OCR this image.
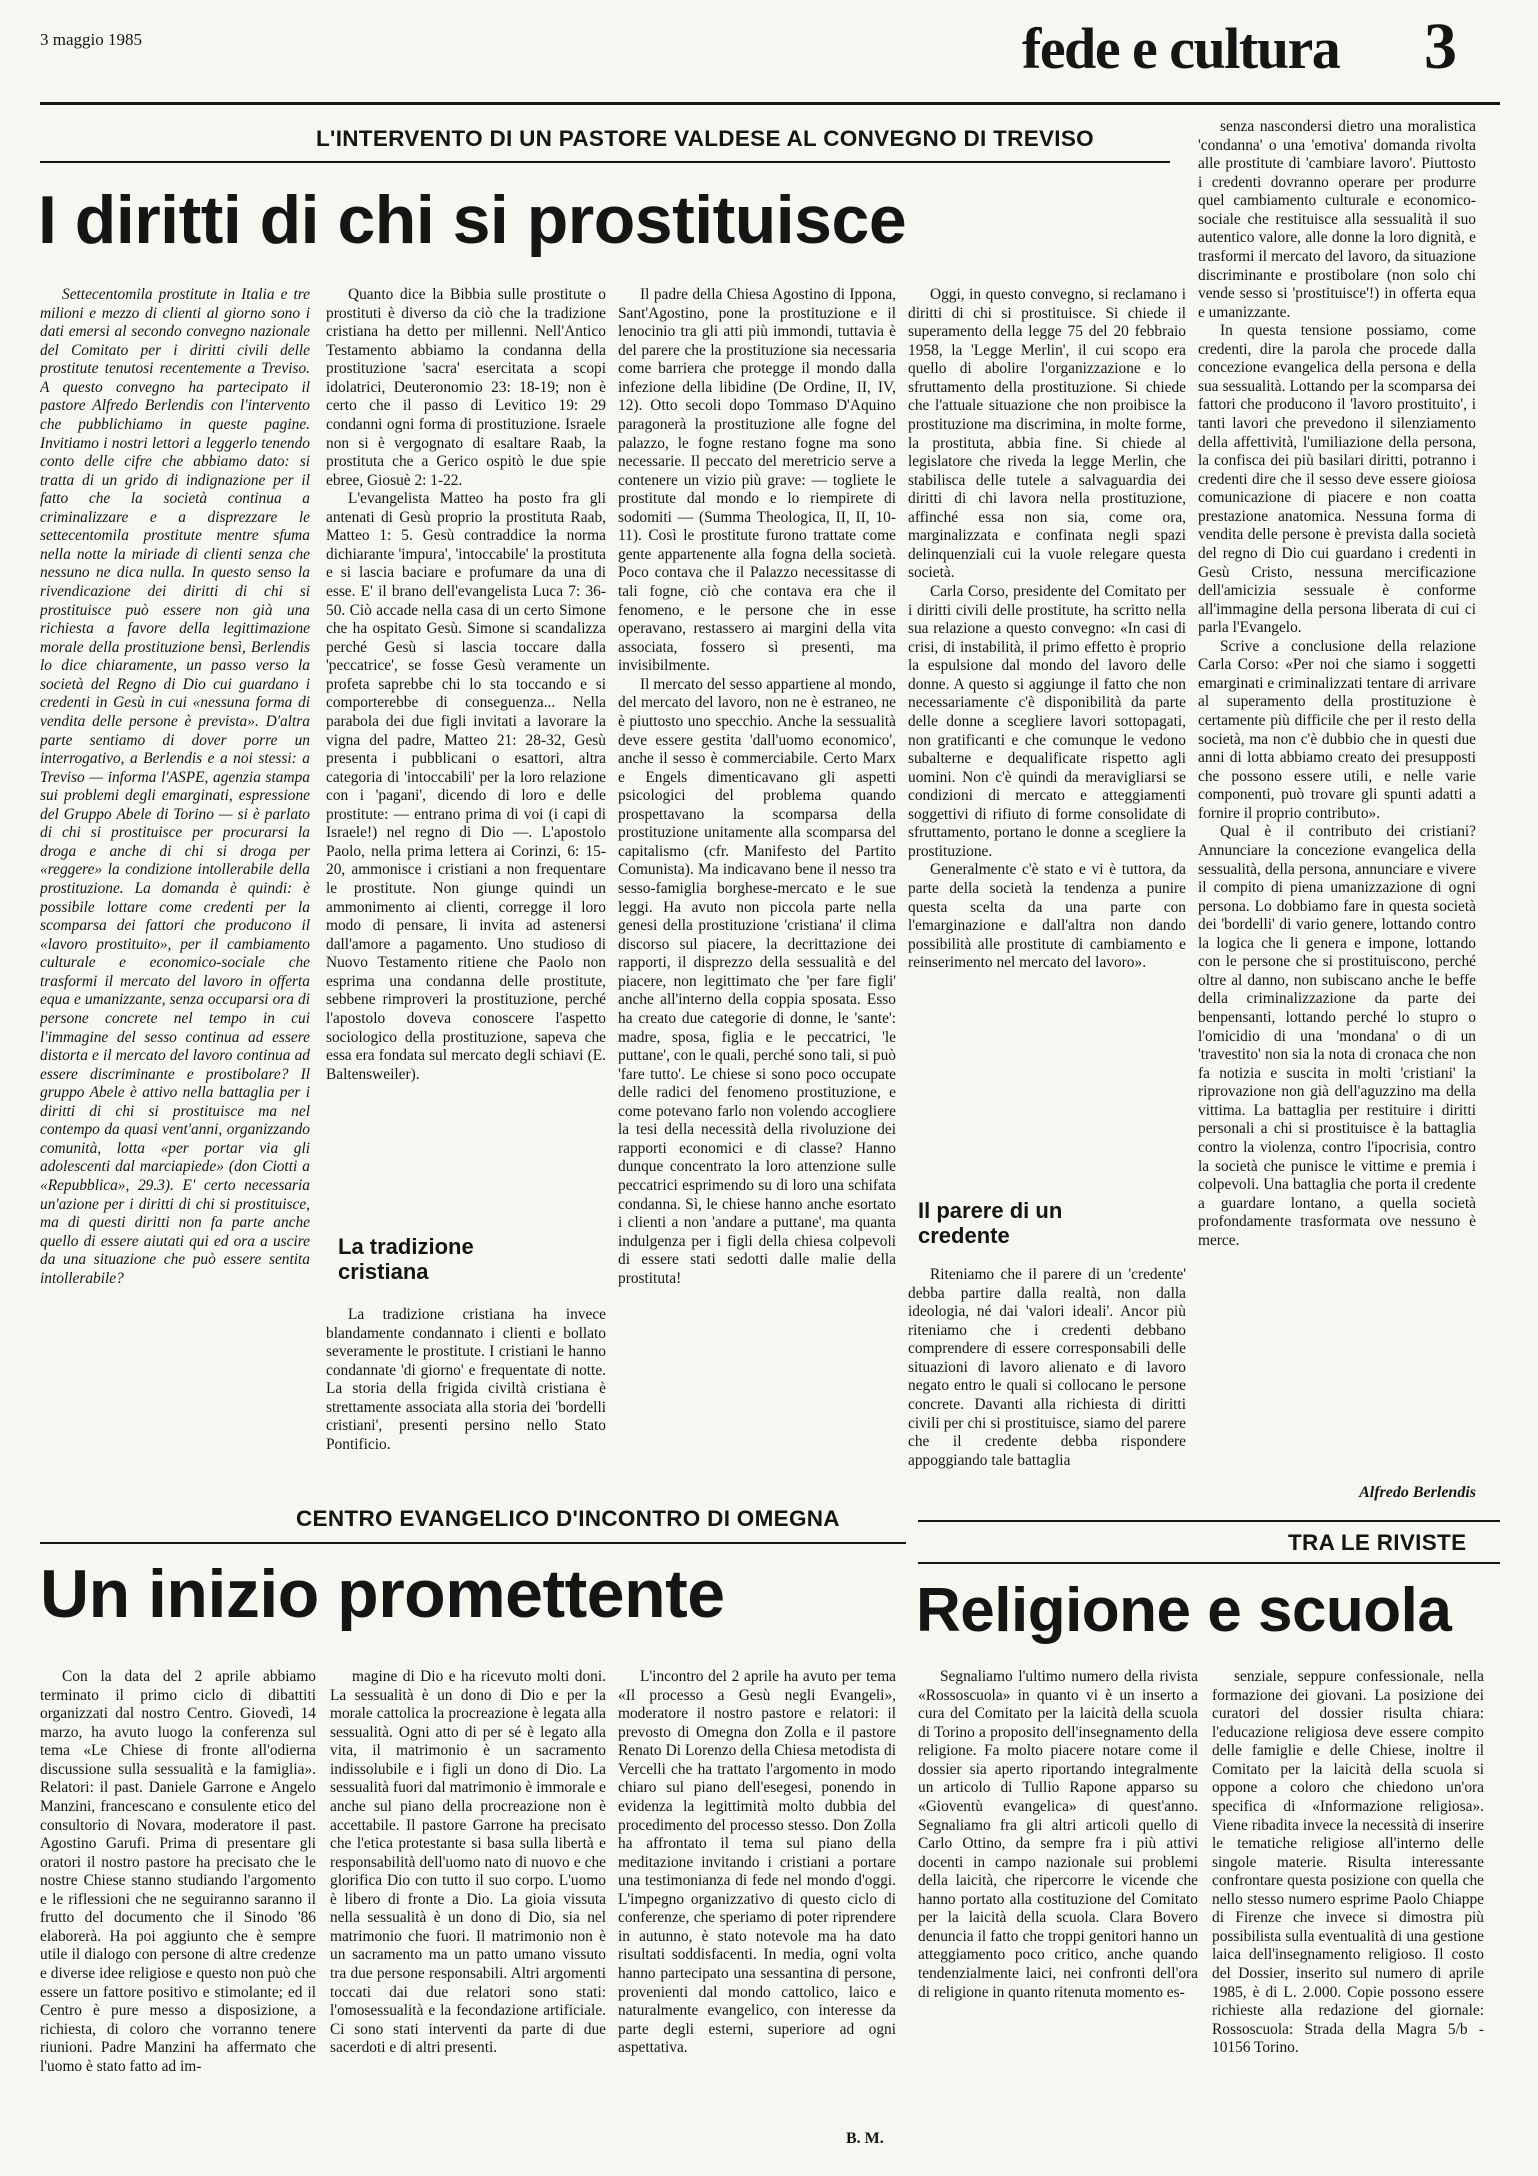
3 maggio 1985	fede e cultura 3
L'INTERVENTO DI UN PASTORE VALDESE AL CONVEGNO DI TREVISO
I diritti di chi si prostituisce

Settecentomila prostitute in Italia e tre milioni e mezzo di clienti al giorno sono i dati emersi al secondo convegno nazionale del Comitato per i diritti civili delle prostitute tenutosi recentemente a Treviso. A questo convegno ha partecipato il pastore Alfredo Berlendis con l'intervento che pubblichiamo in queste pagine. Invitiamo i nostri lettori a leggerlo tenendo conto delle cifre che abbiamo dato: si tratta di un grido di indignazione per il fatto che la società continua a criminalizzare e a disprezzare le settecentomila prostitute mentre sfuma nella notte la miriade di clienti senza che nessuno ne dica nulla. In questo senso la rivendicazione dei diritti di chi si prostituisce può essere non già una richiesta a favore della legittimazione morale della prostituzione bensì, Berlendis lo dice chiaramente, un passo verso la società del Regno di Dio cui guardano i credenti in Gesù in cui «nessuna forma di vendita delle persone è prevista». D'altra parte sentiamo di dover porre un interrogativo, a Berlendis e a noi stessi: a Treviso — informa l'ASPE, agenzia stampa sui problemi degli emarginati, espressione del Gruppo Abele di Torino — si è parlato di chi si prostituisce per procurarsi la droga e anche di chi si droga per «reggere» la condizione intollerabile della prostituzione. La domanda è quindi: è possibile lottare come credenti per la scomparsa dei fattori che producono il «lavoro prostituito», per il cambiamento culturale e economico-sociale che trasformi il mercato del lavoro in offerta equa e umanizzante, senza occuparsi ora di persone concrete nel tempo in cui l'immagine del sesso continua ad essere distorta e il mercato del lavoro continua ad essere discriminante e prostibolare? Il gruppo Abele è attivo nella battaglia per i diritti di chi si prostituisce ma nel contempo da quasi vent'anni, organizzando comunità, lotta «per portar via gli adolescenti dal marciapiede» (don Ciotti a «Repubblica», 29.3). E' certo necessaria un'azione per i diritti di chi si prostituisce, ma di questi diritti non fa parte anche quello di essere aiutati qui ed ora a uscire da una situazione che può essere sentita intollerabile?

Quanto dice la Bibbia sulle prostitute o prostituti è diverso da ciò che la tradizione cristiana ha detto per millenni. Nell'Antico Testamento abbiamo la condanna della prostituzione 'sacra' esercitata a scopi idolatrici, Deuteronomio 23: 18-19; non è certo che il passo di Levitico 19: 29 condanni ogni forma di prostituzione. Israele non si è vergognato di esaltare Raab, la prostituta che a Gerico ospitò le due spie ebree, Giosuè 2: 1-22.

L'evangelista Matteo ha posto fra gli antenati di Gesù proprio la prostituta Raab, Matteo 1: 5. Gesù contraddice la norma dichiarante 'impura', 'intoccabile' la prostituta e si lascia baciare e profumare da una di esse. E' il brano dell'evangelista Luca 7: 36-50. Ciò accade nella casa di un certo Simone che ha ospitato Gesù. Simone si scandalizza perché Gesù si lascia toccare dalla 'peccatrice', se fosse Gesù veramente un profeta saprebbe chi lo sta toccando e si comporterebbe di conseguenza... Nella parabola dei due figli invitati a lavorare la vigna del padre, Matteo 21: 28-32, Gesù presenta i pubblicani o esattori, altra categoria di 'intoccabili' per la loro relazione con i 'pagani', dicendo di loro e delle prostitute: — entrano prima di voi (i capi di Israele!) nel regno di Dio —. L'apostolo Paolo, nella prima lettera ai Corinzi, 6: 15-20, ammonisce i cristiani a non frequentare le prostitute. Non giunge quindi un ammonimento ai clienti, corregge il loro modo di pensare, li invita ad astenersi dall'amore a pagamento. Uno studioso di Nuovo Testamento ritiene che Paolo non esprima una condanna delle prostitute, sebbene rimproveri la prostituzione, perché l'apostolo doveva conoscere l'aspetto sociologico della prostituzione, sapeva che essa era fondata sul mercato degli schiavi (E. Baltensweiler).

La tradizione cristiana

La tradizione cristiana ha invece blandamente condannato i clienti e bollato severamente le prostitute. I cristiani le hanno condannate 'di giorno' e frequentate di notte. La storia della frigida civiltà cristiana è strettamente associata alla storia dei 'bordelli cristiani', presenti persino nello Stato Pontificio.

Il padre della Chiesa Agostino di Ippona, Sant'Agostino, pone la prostituzione e il lenocinio tra gli atti più immondi, tuttavia è del parere che la prostituzione sia necessaria come barriera che protegge il mondo dalla infezione della libidine (De Ordine, II, IV, 12). Otto secoli dopo Tommaso D'Aquino paragonerà la prostituzione alle fogne del palazzo, le fogne restano fogne ma sono necessarie. Il peccato del meretricio serve a contenere un vizio più grave: — togliete le prostitute dal mondo e lo riempirete di sodomiti — (Summa Theologica, II, II, 10-11). Così le prostitute furono trattate come gente appartenente alla fogna della società. Poco contava che il Palazzo necessitasse di tali fogne, ciò che contava era che il fenomeno, e le persone che in esse operavano, restassero ai margini della vita associata, fossero sì presenti, ma invisibilmente.

Il mercato del sesso appartiene al mondo, del mercato del lavoro, non ne è estraneo, ne è piuttosto uno specchio. Anche la sessualità deve essere gestita 'dall'uomo economico', anche il sesso è commerciabile. Certo Marx e Engels dimenticavano gli aspetti psicologici del problema quando prospettavano la scomparsa della prostituzione unitamente alla scomparsa del capitalismo (cfr. Manifesto del Partito Comunista). Ma indicavano bene il nesso tra sesso-famiglia borghese-mercato e le sue leggi. Ha avuto non piccola parte nella genesi della prostituzione 'cristiana' il clima discorso sul piacere, la decrittazione dei rapporti, il disprezzo della sessualità e del piacere, non legittimato che 'per fare figli' anche all'interno della coppia sposata. Esso ha creato due categorie di donne, le 'sante': madre, sposa, figlia e le peccatrici, 'le puttane', con le quali, perché sono tali, si può 'fare tutto'. Le chiese si sono poco occupate delle radici del fenomeno prostituzione, e come potevano farlo non volendo accogliere la tesi della necessità della rivoluzione dei rapporti economici e di classe? Hanno dunque concentrato la loro attenzione sulle peccatrici esprimendo su di loro una schifata condanna. Sì, le chiese hanno anche esortato i clienti a non 'andare a puttane', ma quanta indulgenza per i figli della chiesa colpevoli di essere stati sedotti dalle malie della prostituta!

Oggi, in questo convegno, si reclamano i diritti di chi si prostituisce. Si chiede il superamento della legge 75 del 20 febbraio 1958, la 'Legge Merlin', il cui scopo era quello di abolire l'organizzazione e lo sfruttamento della prostituzione. Si chiede che l'attuale situazione che non proibisce la prostituzione ma discrimina, in molte forme, la prostituta, abbia fine. Si chiede al legislatore che riveda la legge Merlin, che stabilisca delle tutele a salvaguardia dei diritti di chi lavora nella prostituzione, affinché essa non sia, come ora, marginalizzata e confinata negli spazi delinquenziali cui la vuole relegare questa società.

Carla Corso, presidente del Comitato per i diritti civili delle prostitute, ha scritto nella sua relazione a questo convegno: «In casi di crisi, di instabilità, il primo effetto è proprio la espulsione dal mondo del lavoro delle donne. A questo si aggiunge il fatto che non necessariamente c'è disponibilità da parte delle donne a scegliere lavori sottopagati, non gratificanti e che comunque le vedono subalterne e dequalificate rispetto agli uomini. Non c'è quindi da meravigliarsi se condizioni di mercato e atteggiamenti soggettivi di rifiuto di forme consolidate di sfruttamento, portano le donne a scegliere la prostituzione.

Generalmente c'è stato e vi è tuttora, da parte della società la tendenza a punire questa scelta da una parte con l'emarginazione e dall'altra non dando possibilità alle prostitute di cambiamento e reinserimento nel mercato del lavoro».

Il parere di un credente

Riteniamo che il parere di un 'credente' debba partire dalla realtà, non dalla ideologia, né dai 'valori ideali'. Ancor più riteniamo che i credenti debbano comprendere di essere corresponsabili delle situazioni di lavoro alienato e di lavoro negato entro le quali si collocano le persone concrete. Davanti alla richiesta di diritti civili per chi si prostituisce, siamo del parere che il credente debba rispondere appoggiando tale battaglia

senza nascondersi dietro una moralistica 'condanna' o una 'emotiva' domanda rivolta alle prostitute di 'cambiare lavoro'. Piuttosto i credenti dovranno operare per produrre quel cambiamento culturale e economico-sociale che restituisce alla sessualità il suo autentico valore, alle donne la loro dignità, e trasformi il mercato del lavoro, da situazione discriminante e prostibolare (non solo chi vende sesso si 'prostituisce'!) in offerta equa e umanizzante.

In questa tensione possiamo, come credenti, dire la parola che procede dalla concezione evangelica della persona e della sua sessualità. Lottando per la scomparsa dei fattori che producono il 'lavoro prostituito', i tanti lavori che prevedono il silenziamento della affettività, l'umiliazione della persona, la confisca dei più basilari diritti, potranno i credenti dire che il sesso deve essere gioiosa comunicazione di piacere e non coatta prestazione anatomica. Nessuna forma di vendita delle persone è prevista dalla società del regno di Dio cui guardano i credenti in Gesù Cristo, nessuna mercificazione dell'amicizia sessuale è conforme all'immagine della persona liberata di cui ci parla l'Evangelo.

Scrive a conclusione della relazione Carla Corso: «Per noi che siamo i soggetti emarginati e criminalizzati tentare di arrivare al superamento della prostituzione è certamente più difficile che per il resto della società, ma non c'è dubbio che in questi due anni di lotta abbiamo creato dei presupposti che possono essere utili, e nelle varie componenti, può trovare gli spunti adatti a fornire il proprio contributo».

Qual è il contributo dei cristiani? Annunciare la concezione evangelica della sessualità, della persona, annunciare e vivere il compito di piena umanizzazione di ogni persona. Lo dobbiamo fare in questa società dei 'bordelli' di vario genere, lottando contro la logica che li genera e impone, lottando con le persone che si prostituiscono, perché oltre al danno, non subiscano anche le beffe della criminalizzazione da parte dei benpensanti, lottando perché lo stupro o l'omicidio di una 'mondana' o di un 'travestito' non sia la nota di cronaca che non fa notizia e suscita in molti 'cristiani' la riprovazione non già dell'aguzzino ma della vittima. La battaglia per restituire i diritti personali a chi si prostituisce è la battaglia contro la violenza, contro l'ipocrisia, contro la società che punisce le vittime e premia i colpevoli. Una battaglia che porta il credente a guardare lontano, a quella società profondamente trasformata ove nessuno è merce.

Alfredo Berlendis
CENTRO EVANGELICO D'INCONTRO DI OMEGNA
Un inizio promettente

Con la data del 2 aprile abbiamo terminato il primo ciclo di dibattiti organizzati dal nostro Centro. Giovedì, 14 marzo, ha avuto luogo la conferenza sul tema «Le Chiese di fronte all'odierna discussione sulla sessualità e la famiglia». Relatori: il past. Daniele Garrone e Angelo Manzini, francescano e consulente etico del consultorio di Novara, moderatore il past. Agostino Garufi. Prima di presentare gli oratori il nostro pastore ha precisato che le nostre Chiese stanno studiando l'argomento e le riflessioni che ne seguiranno saranno il frutto del documento che il Sinodo '86 elaborerà. Ha poi aggiunto che è sempre utile il dialogo con persone di altre credenze e diverse idee religiose e questo non può che essere un fattore positivo e stimolante; ed il Centro è pure messo a disposizione, a richiesta, di coloro che vorranno tenere riunioni. Padre Manzini ha affermato che l'uomo è stato fatto ad im-

magine di Dio e ha ricevuto molti doni. La sessualità è un dono di Dio e per la morale cattolica la procreazione è legata alla sessualità. Ogni atto di per sé è legato alla vita, il matrimonio è un sacramento indissolubile e i figli un dono di Dio. La sessualità fuori dal matrimonio è immorale e anche sul piano della procreazione non è accettabile. Il pastore Garrone ha precisato che l'etica protestante si basa sulla libertà e responsabilità dell'uomo nato di nuovo e che glorifica Dio con tutto il suo corpo. L'uomo è libero di fronte a Dio. La gioia vissuta nella sessualità è un dono di Dio, sia nel matrimonio che fuori. Il matrimonio non è un sacramento ma un patto umano vissuto tra due persone responsabili. Altri argomenti toccati dai due relatori sono stati: l'omosessualità e la fecondazione artificiale. Ci sono stati interventi da parte di due sacerdoti e di altri presenti.

L'incontro del 2 aprile ha avuto per tema «Il processo a Gesù negli Evangeli», moderatore il nostro pastore e relatori: il prevosto di Omegna don Zolla e il pastore Renato Di Lorenzo della Chiesa metodista di Vercelli che ha trattato l'argomento in modo chiaro sul piano dell'esegesi, ponendo in evidenza la legittimità molto dubbia del procedimento del processo stesso. Don Zolla ha affrontato il tema sul piano della meditazione invitando i cristiani a portare una testimonianza di fede nel mondo d'oggi. L'impegno organizzativo di questo ciclo di conferenze, che speriamo di poter riprendere in autunno, è stato notevole ma ha dato risultati soddisfacenti. In media, ogni volta hanno partecipato una sessantina di persone, provenienti dal mondo cattolico, laico e naturalmente evangelico, con interesse da parte degli esterni, superiore ad ogni aspettativa.

B. M.
TRA LE RIVISTE
Religione e scuola

Segnaliamo l'ultimo numero della rivista «Rossoscuola» in quanto vi è un inserto a cura del Comitato per la laicità della scuola di Torino a proposito dell'insegnamento della religione. Fa molto piacere notare come il dossier sia aperto riportando integralmente un articolo di Tullio Rapone apparso su «Gioventù evangelica» di quest'anno. Segnaliamo fra gli altri articoli quello di Carlo Ottino, da sempre fra i più attivi docenti in campo nazionale sui problemi della laicità, che ripercorre le vicende che hanno portato alla costituzione del Comitato per la laicità della scuola. Clara Bovero denuncia il fatto che troppi genitori hanno un atteggiamento poco critico, anche quando tendenzialmente laici, nei confronti dell'ora di religione in quanto ritenuta momento es-

senziale, seppure confessionale, nella formazione dei giovani. La posizione dei curatori del dossier risulta chiara: l'educazione religiosa deve essere compito delle famiglie e delle Chiese, inoltre il Comitato per la laicità della scuola si oppone a coloro che chiedono un'ora specifica di «Informazione religiosa». Viene ribadita invece la necessità di inserire le tematiche religiose all'interno delle singole materie. Risulta interessante confrontare questa posizione con quella che nello stesso numero esprime Paolo Chiappe di Firenze che invece si dimostra più possibilista sulla eventualità di una gestione laica dell'insegnamento religioso. Il costo del Dossier, inserito sul numero di aprile 1985, è di L. 2.000. Copie possono essere richieste alla redazione del giornale: Rossoscuola: Strada della Magra 5/b - 10156 Torino.
